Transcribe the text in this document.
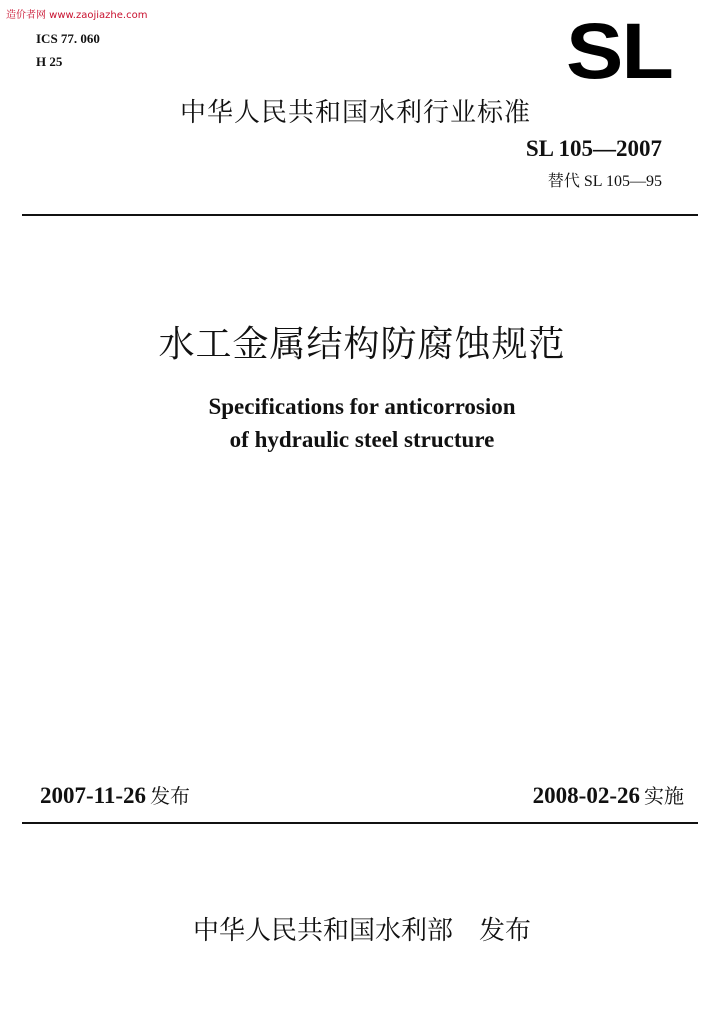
造价者网 www.zaojiazhe.com
ICS 77. 060
H 25	SL
中华人民共和国水利行业标准
SL 105—2007
替代 SL 105—95
水工金属结构防腐蚀规范
Specifications for anticorrosion
of hydraulic steel structure
2007-11-26 发布	2008-02-26 实施
中华人民共和国水利部 发布
